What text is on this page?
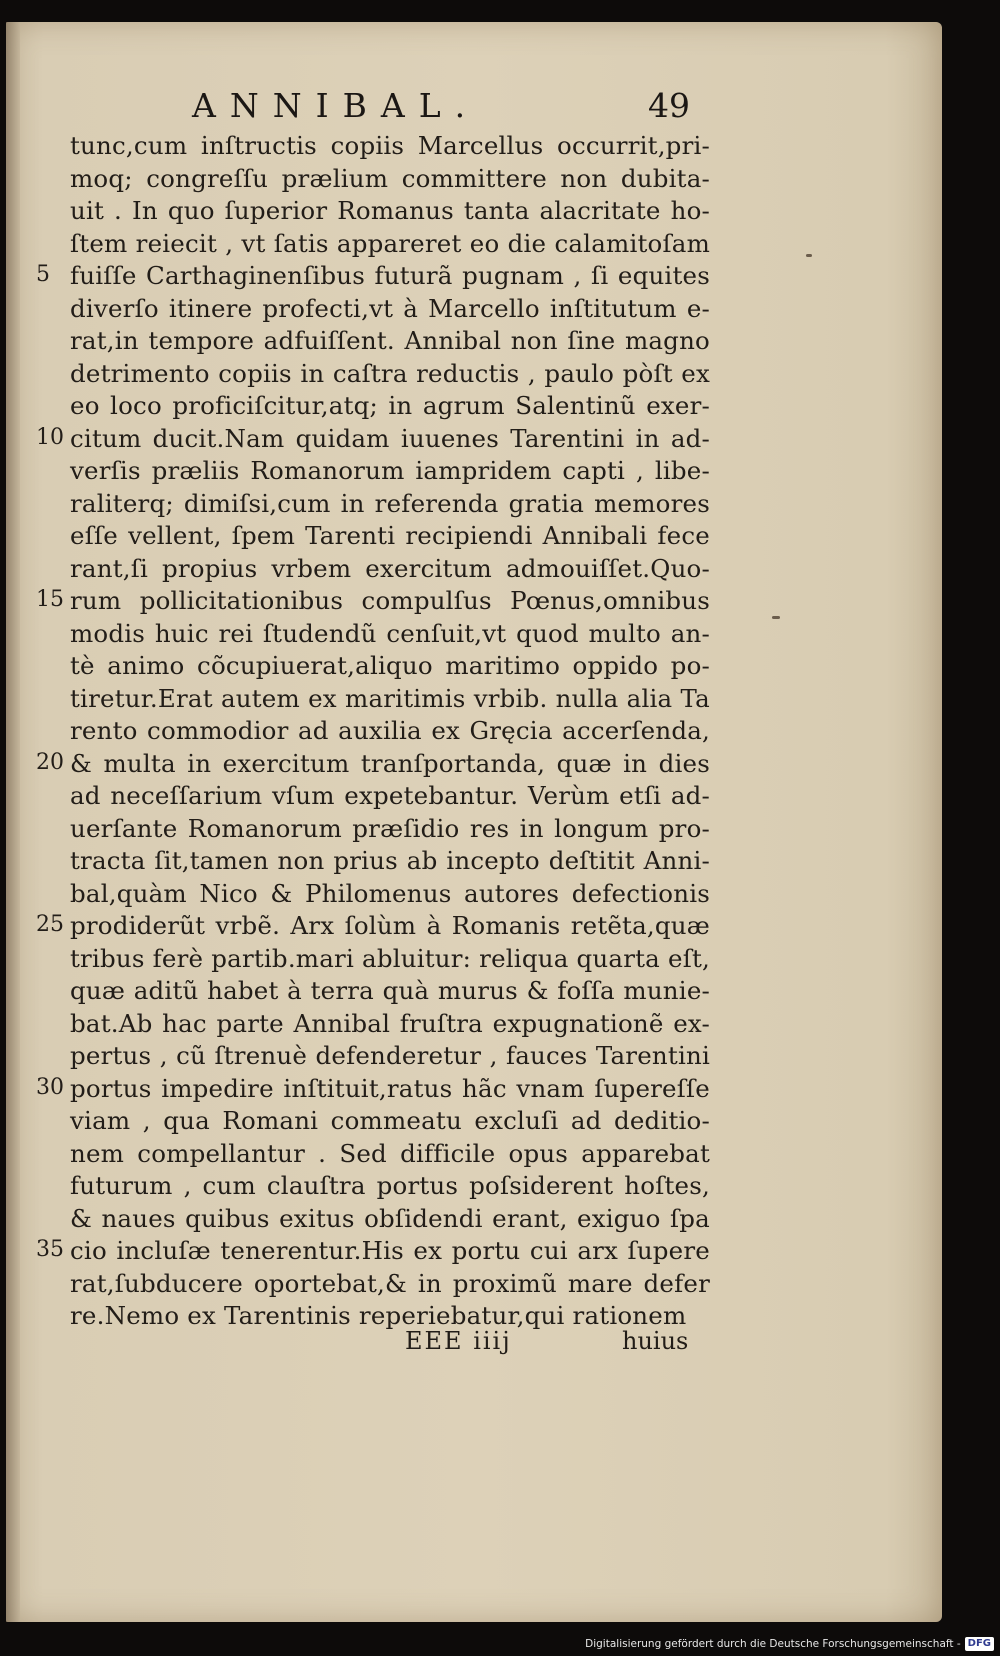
ANNIBAL.	49
tunc,cum inſtructis copiis Marcellus occurrit,pri-
moq; congreſſu prælium committere non dubita-
uit . In quo ſuperior Romanus tanta alacritate ho-
ſtem reiecit , vt ſatis appareret eo die calamitoſam
fuiſſe Carthaginenſibus futurã pugnam , ſi equites
diverſo itinere profecti,vt à Marcello inſtitutum e-
rat,in tempore adfuiſſent. Annibal non ſine magno
detrimento copiis in caſtra reductis , paulo pòſt ex
eo loco proficiſcitur,atq; in agrum Salentinũ exer-
citum ducit.Nam quidam iuuenes Tarentini in ad-
verſis præliis Romanorum iampridem capti , libe-
raliterq; dimiſsi,cum in referenda gratia memores
eſſe vellent, ſpem Tarenti recipiendi Annibali fece
rant,ſi propius vrbem exercitum admouiſſet.Quo-
rum pollicitationibus compulſus Pœnus,omnibus
modis huic rei ſtudendũ cenſuit,vt quod multo an-
tè animo cõcupiuerat,aliquo maritimo oppido po-
tiretur.Erat autem ex maritimis vrbib. nulla alia Ta
rento commodior ad auxilia ex Gręcia accerſenda,
& multa in exercitum tranſportanda, quæ in dies
ad neceſſarium vſum expetebantur. Verùm etſi ad-
uerſante Romanorum præſidio res in longum pro-
tracta ſit,tamen non prius ab incepto deſtitit Anni-
bal,quàm Nico & Philomenus autores defectionis
prodiderũt vrbẽ. Arx ſolùm à Romanis retẽta,quæ
tribus ferè partib.mari abluitur: reliqua quarta eſt,
quæ aditũ habet à terra quà murus & foſſa munie-
bat.Ab hac parte Annibal fruſtra expugnationẽ ex-
pertus , cũ ſtrenuè defenderetur , fauces Tarentini
portus impedire inſtituit,ratus hãc vnam ſupereſſe
viam , qua Romani commeatu excluſi ad deditio-
nem compellantur . Sed difficile opus apparebat
futurum , cum clauſtra portus poſsiderent hoſtes,
& naues quibus exitus obſidendi erant, exiguo ſpa
cio incluſæ tenerentur.His ex portu cui arx ſupere
rat,ſubducere oportebat,& in proximũ mare defer
re.Nemo ex Tarentinis reperiebatur,qui rationem
EEE iiij	huius
Digitalisierung gefördert durch die Deutsche Forschungsgemeinschaft - DFG
5
10
15
20
25
30
35
